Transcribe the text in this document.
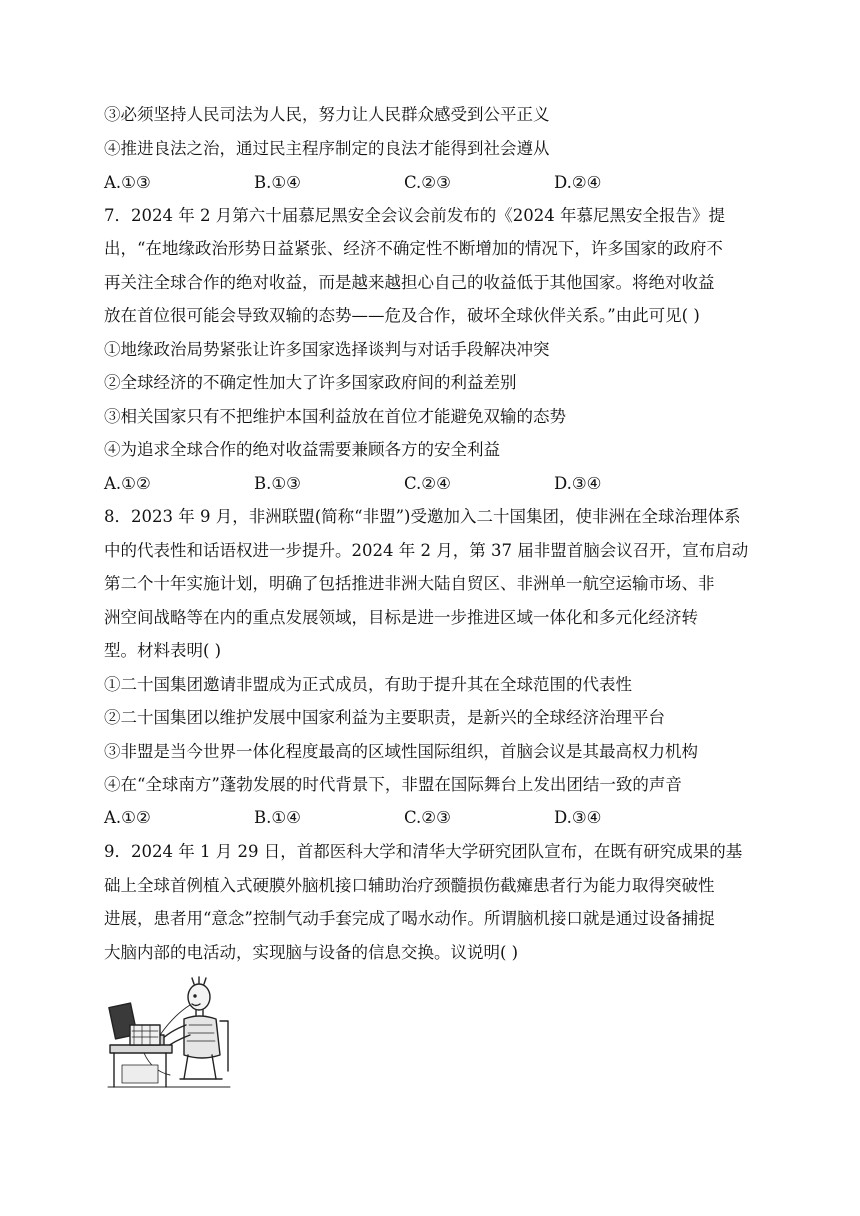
③必须坚持人民司法为人民，努力让人民群众感受到公平正义
④推进良法之治，通过民主程序制定的良法才能得到社会遵从
A.①③	B.①④	C.②③	D.②④
7．2024 年 2 月第六十届慕尼黑安全会议会前发布的《2024 年慕尼黑安全报告》提
出，“在地缘政治形势日益紧张、经济不确定性不断增加的情况下，许多国家的政府不
再关注全球合作的绝对收益，而是越来越担心自己的收益低于其他国家。将绝对收益
放在首位很可能会导致双输的态势——危及合作，破坏全球伙伴关系。”由此可见( )
①地缘政治局势紧张让许多国家选择谈判与对话手段解决冲突
②全球经济的不确定性加大了许多国家政府间的利益差别
③相关国家只有不把维护本国利益放在首位才能避免双输的态势
④为追求全球合作的绝对收益需要兼顾各方的安全利益
A.①②	B.①③	C.②④	D.③④
8．2023 年 9 月，非洲联盟(简称“非盟”)受邀加入二十国集团，使非洲在全球治理体系
中的代表性和话语权进一步提升。2024 年 2 月，第 37 届非盟首脑会议召开，宣布启动
第二个十年实施计划，明确了包括推进非洲大陆自贸区、非洲单一航空运输市场、非
洲空间战略等在内的重点发展领域，目标是进一步推进区域一体化和多元化经济转
型。材料表明( )
①二十国集团邀请非盟成为正式成员，有助于提升其在全球范围的代表性
②二十国集团以维护发展中国家利益为主要职责，是新兴的全球经济治理平台
③非盟是当今世界一体化程度最高的区域性国际组织，首脑会议是其最高权力机构
④在“全球南方”蓬勃发展的时代背景下，非盟在国际舞台上发出团结一致的声音
A.①②	B.①④	C.②③	D.③④
9．2024 年 1 月 29 日，首都医科大学和清华大学研究团队宣布，在既有研究成果的基
础上全球首例植入式硬膜外脑机接口辅助治疗颈髓损伤截瘫患者行为能力取得突破性
进展，患者用“意念”控制气动手套完成了喝水动作。所谓脑机接口就是通过设备捕捉
大脑内部的电活动，实现脑与设备的信息交换。议说明( )
